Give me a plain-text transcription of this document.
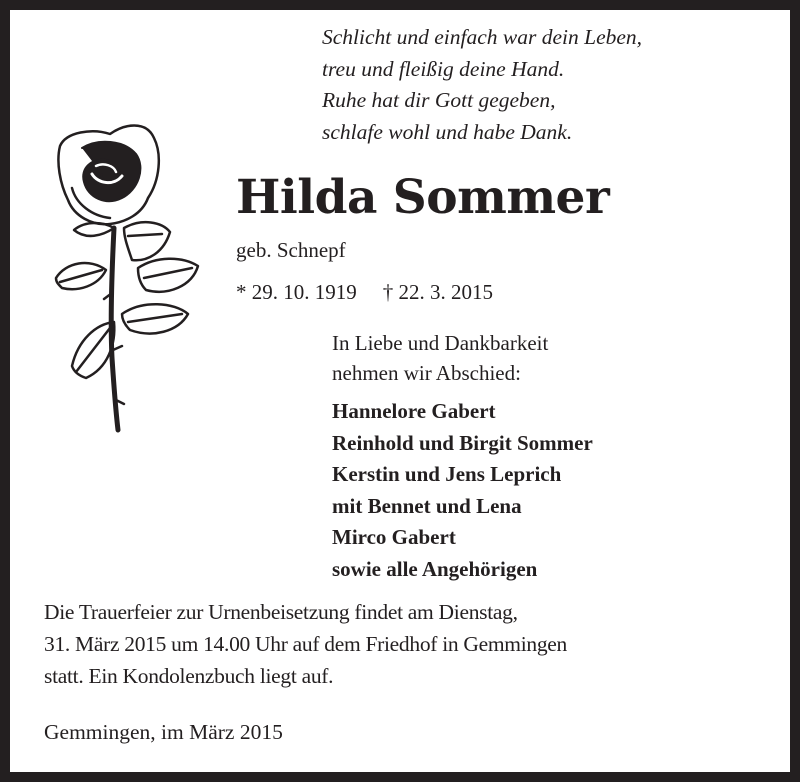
Schlicht und einfach war dein Leben,
treu und fleißig deine Hand.
Ruhe hat dir Gott gegeben,
schlafe wohl und habe Dank.
Hilda Sommer
geb. Schnepf
* 29. 10. 1919 † 22. 3. 2015
In Liebe und Dankbarkeit
nehmen wir Abschied:
Hannelore Gabert
Reinhold und Birgit Sommer
Kerstin und Jens Leprich
mit Bennet und Lena
Mirco Gabert
sowie alle Angehörigen
Die Trauerfeier zur Urnenbeisetzung findet am Dienstag,
31. März 2015 um 14.00 Uhr auf dem Friedhof in Gemmingen
statt. Ein Kondolenzbuch liegt auf.
Gemmingen, im März 2015
